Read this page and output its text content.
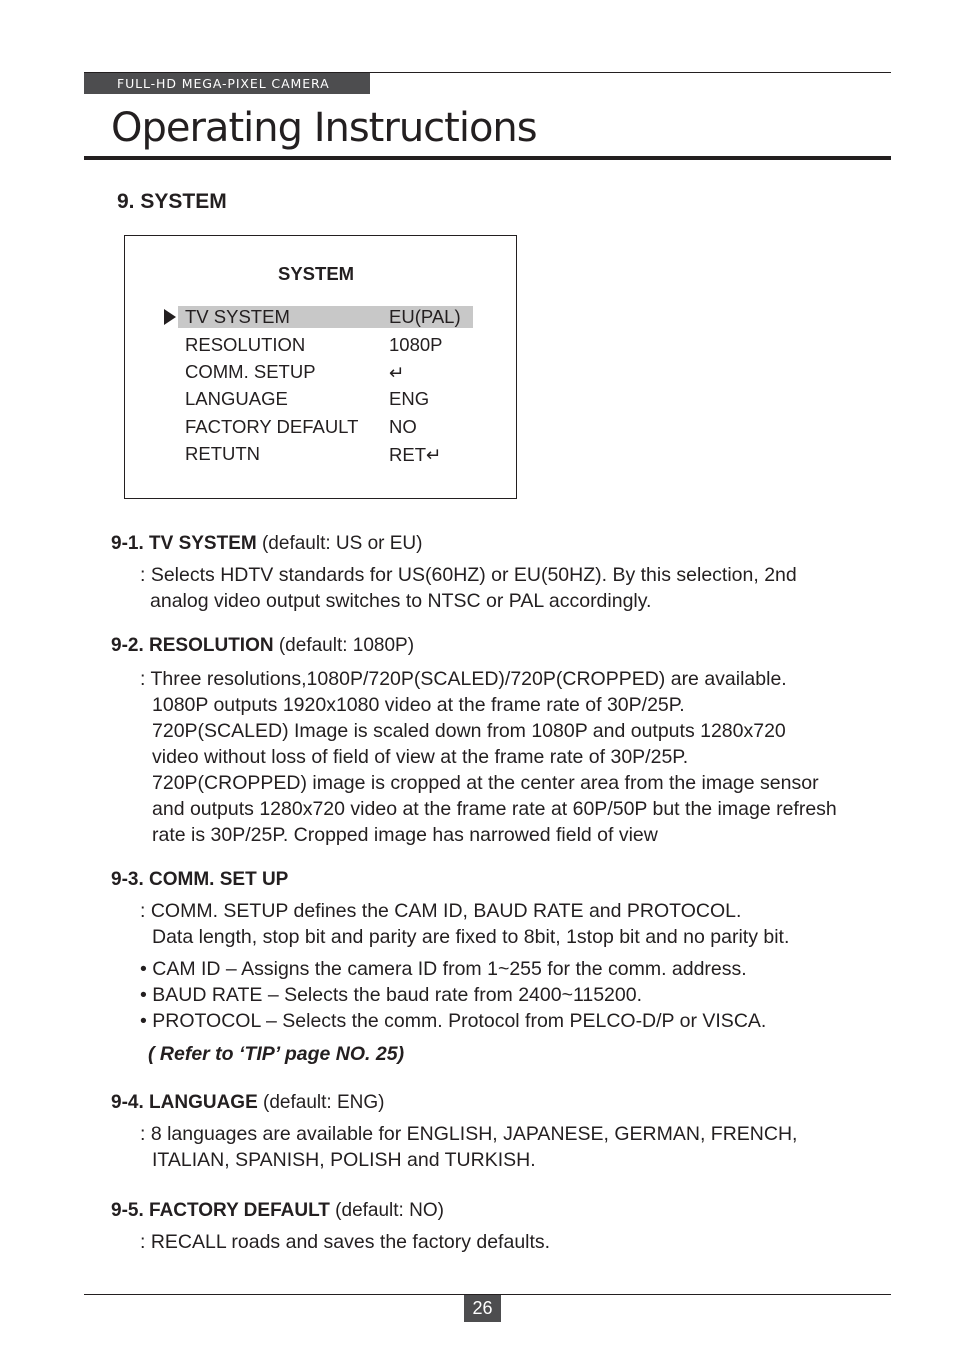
FULL-HD MEGA-PIXEL CAMERA
Operating Instructions
9. SYSTEM
SYSTEM
TV SYSTEM	EU(PAL)
RESOLUTION	1080P
COMM. SETUP	↵
LANGUAGE	ENG
FACTORY DEFAULT NO
RETUTN	RET↵
9-1. TV SYSTEM (default: US or EU)
: Selects HDTV standards for US(60HZ) or EU(50HZ). By this selection, 2nd
analog video output switches to NTSC or PAL accordingly.
9-2. RESOLUTION (default: 1080P)
: Three resolutions,1080P/720P(SCALED)/720P(CROPPED) are available.
1080P outputs 1920x1080 video at the frame rate of 30P/25P.
720P(SCALED) Image is scaled down from 1080P and outputs 1280x720
video without loss of field of view at the frame rate of 30P/25P.
720P(CROPPED) image is cropped at the center area from the image sensor
and outputs 1280x720 video at the frame rate at 60P/50P but the image refresh
rate is 30P/25P. Cropped image has narrowed field of view
9-3. COMM. SET UP
: COMM. SETUP defines the CAM ID, BAUD RATE and PROTOCOL.
Data length, stop bit and parity are fixed to 8bit, 1stop bit and no parity bit.
• CAM ID – Assigns the camera ID from 1~255 for the comm. address.
• BAUD RATE – Selects the baud rate from 2400~115200.
• PROTOCOL – Selects the comm. Protocol from PELCO-D/P or VISCA.
( Refer to ‘TIP’ page NO. 25)
9-4. LANGUAGE (default: ENG)
: 8 languages are available for ENGLISH, JAPANESE, GERMAN, FRENCH,
ITALIAN, SPANISH, POLISH and TURKISH.
9-5. FACTORY DEFAULT (default: NO)
: RECALL roads and saves the factory defaults.
26
